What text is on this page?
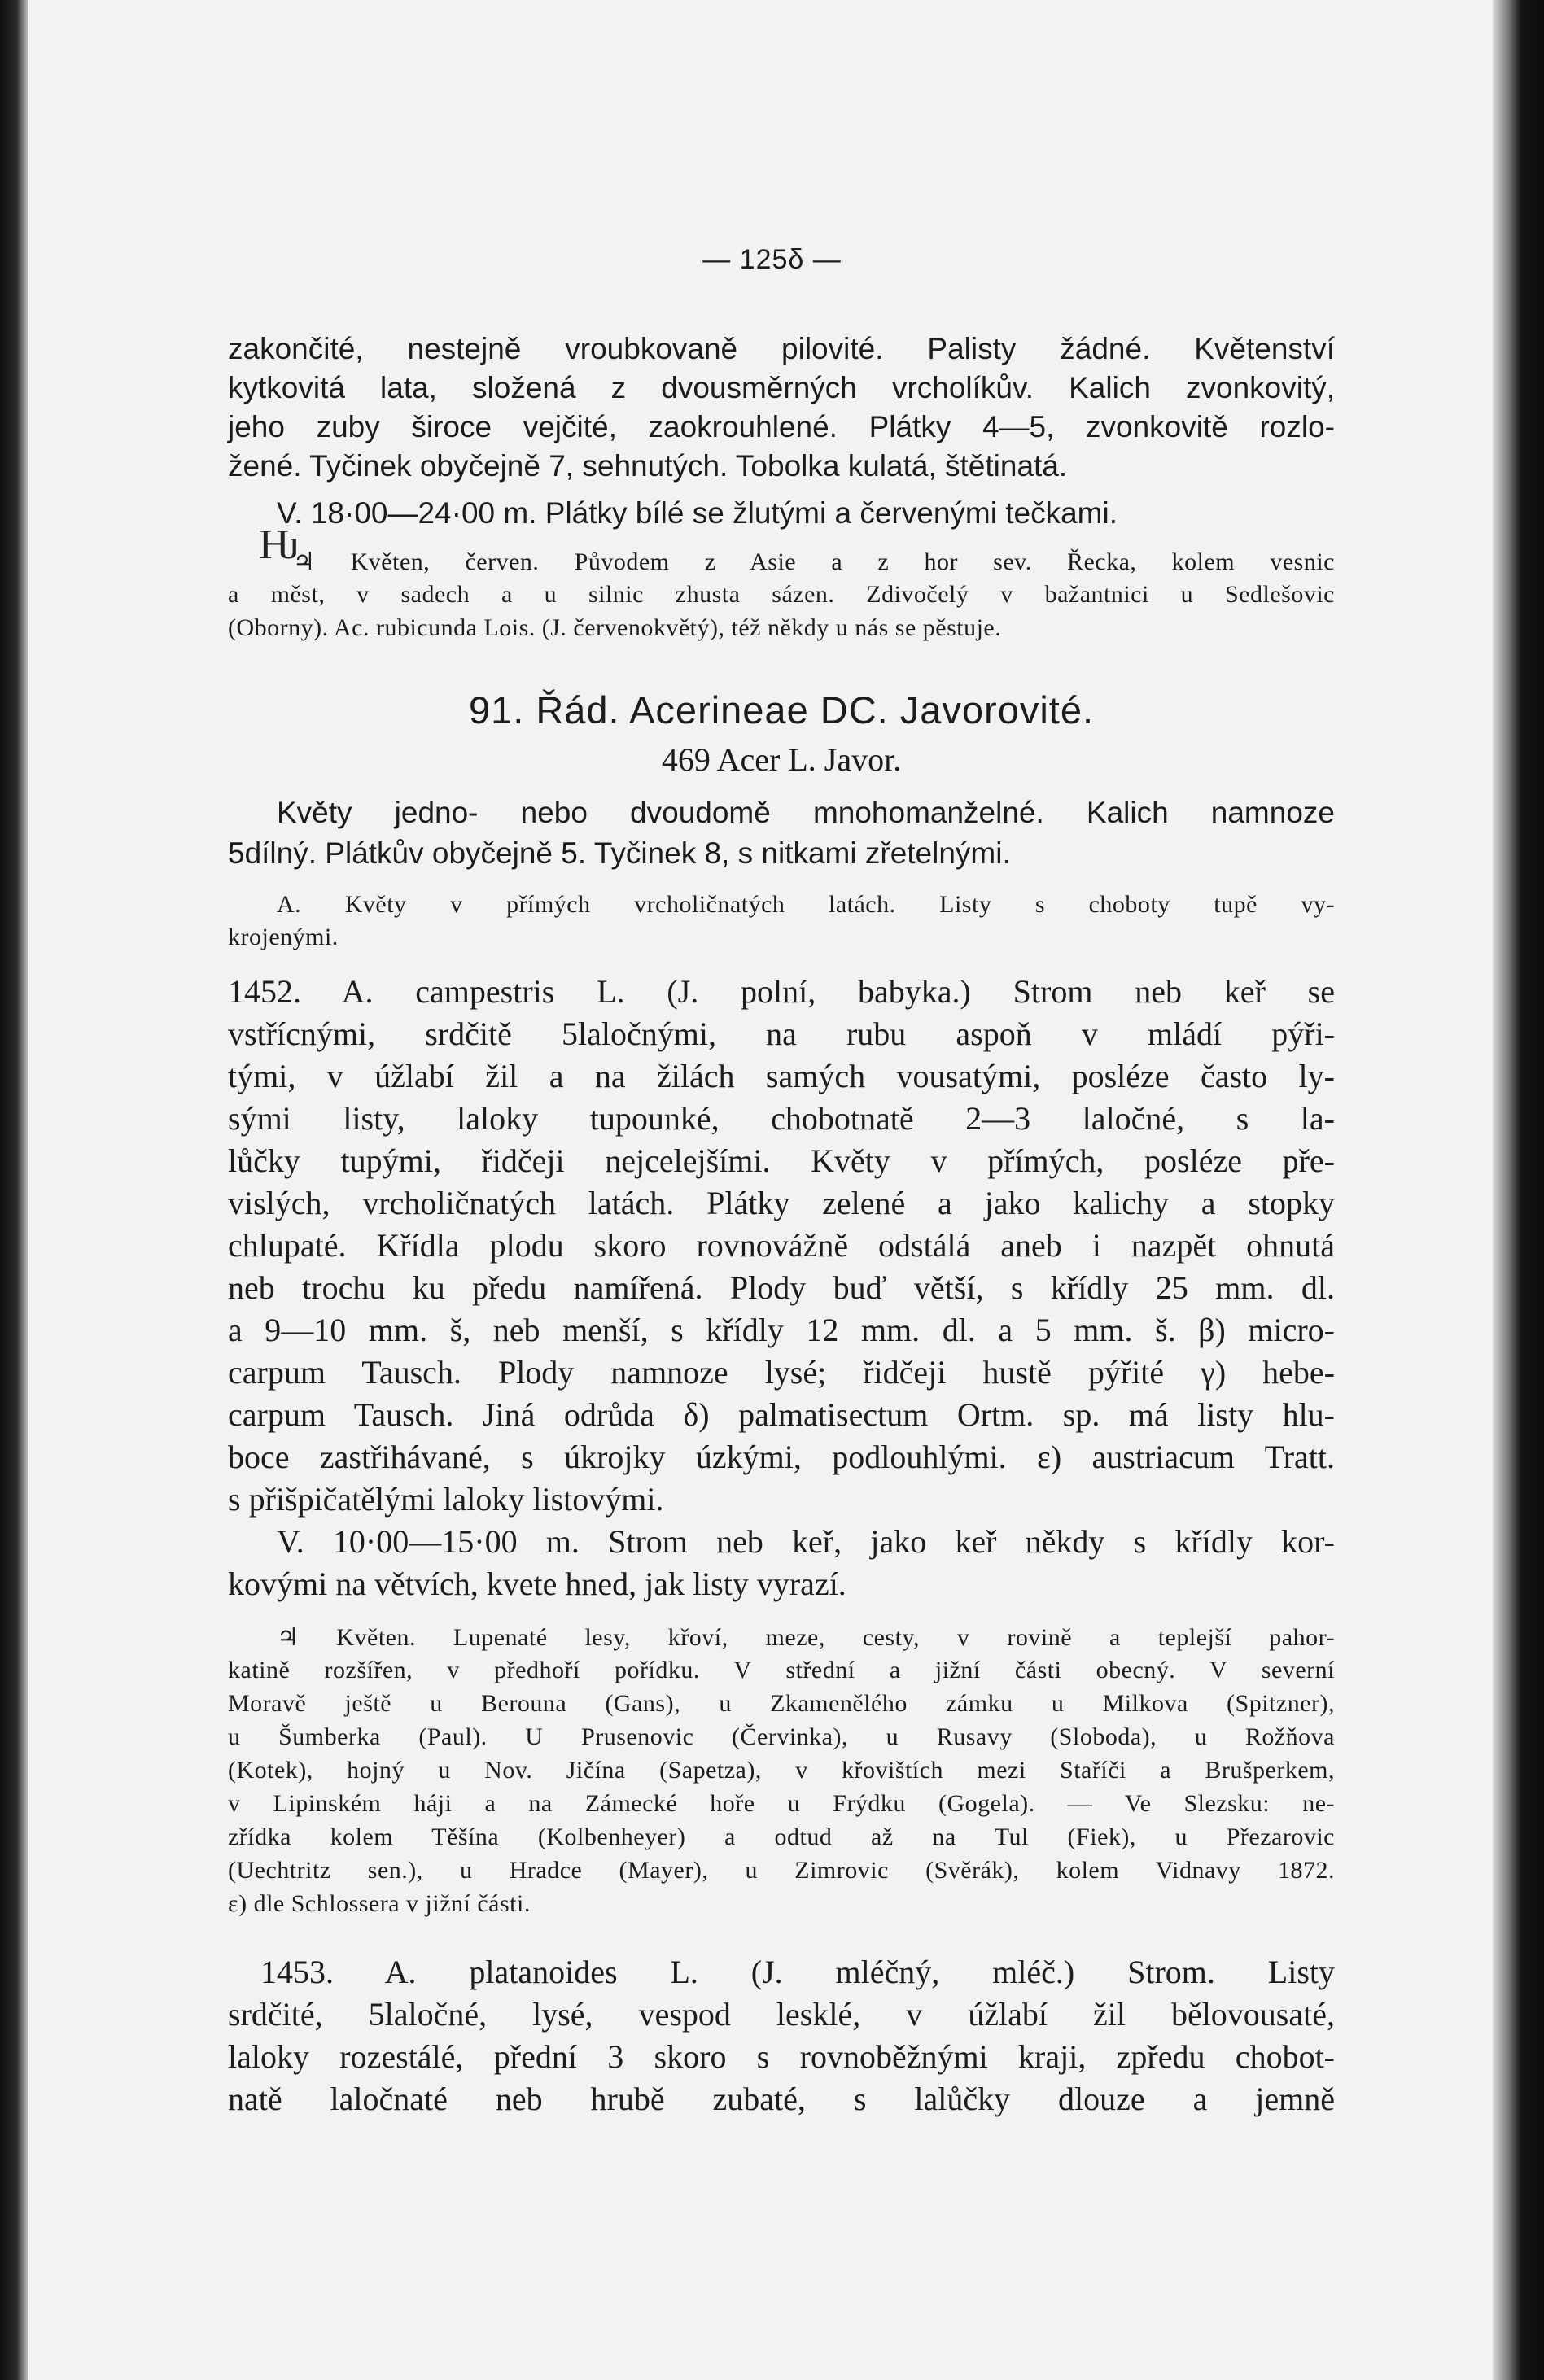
— 125δ —
Ƕ
zakončité, nestejně vroubkovaně pilovité. Palisty žádné. Květenství
kytkovitá lata, složená z dvousměrných vrcholíkův. Kalich zvonkovitý,
jeho zuby široce vejčité, zaokrouhlené. Plátky 4—5, zvonkovitě rozlo-
žené. Tyčinek obyčejně 7, sehnutých. Tobolka kulatá, štětinatá.
V. 18·00—24·00 m. Plátky bílé se žlutými a červenými tečkami.
♃ Květen, červen. Původem z Asie a z hor sev. Řecka, kolem vesnic
a měst, v sadech a u silnic zhusta sázen. Zdivočelý v bažantnici u Sedlešovic
(Oborny). Ac. rubicunda Lois. (J. červenokvětý), též někdy u nás se pěstuje.
91. Řád. Acerineae DC. Javorovité.
469 Acer L. Javor.
Květy jedno- nebo dvoudomě mnohomanželné. Kalich namnoze
5dílný. Plátkův obyčejně 5. Tyčinek 8, s nitkami zřetelnými.
A. Květy v přímých vrcholičnatých latách. Listy s choboty tupě vy-
krojenými.
1452. A. campestris L. (J. polní, babyka.) Strom neb keř se
vstřícnými, srdčitě 5laločnými, na rubu aspoň v mládí pýři-
tými, v úžlabí žil a na žilách samých vousatými, posléze často ly-
sými listy, laloky tupounké, chobotnatě 2—3 laločné, s la-
lůčky tupými, řidčeji nejcelejšími. Květy v přímých, posléze pře-
vislých, vrcholičnatých latách. Plátky zelené a jako kalichy a stopky
chlupaté. Křídla plodu skoro rovnovážně odstálá aneb i nazpět ohnutá
neb trochu ku předu namířená. Plody buď větší, s křídly 25 mm. dl.
a 9—10 mm. š, neb menší, s křídly 12 mm. dl. a 5 mm. š. β) micro-
carpum Tausch. Plody namnoze lysé; řidčeji hustě pýřité γ) hebe-
carpum Tausch. Jiná odrůda δ) palmatisectum Ortm. sp. má listy hlu-
boce zastřihávané, s úkrojky úzkými, podlouhlými. ε) austriacum Tratt.
s přišpičatělými laloky listovými.
V. 10·00—15·00 m. Strom neb keř, jako keř někdy s křídly kor-
kovými na větvích, kvete hned, jak listy vyrazí.
♃ Květen. Lupenaté lesy, křoví, meze, cesty, v rovině a teplejší pahor-
katině rozšířen, v předhoří pořídku. V střední a jižní části obecný. V severní
Moravě ještě u Berouna (Gans), u Zkamenělého zámku u Milkova (Spitzner),
u Šumberka (Paul). U Prusenovic (Červinka), u Rusavy (Sloboda), u Rožňova
(Kotek), hojný u Nov. Jičína (Sapetza), v křovištích mezi Staříči a Brušperkem,
v Lipinském háji a na Zámecké hoře u Frýdku (Gogela). — Ve Slezsku: ne-
zřídka kolem Těšína (Kolbenheyer) a odtud až na Tul (Fiek), u Přezarovic
(Uechtritz sen.), u Hradce (Mayer), u Zimrovic (Svěrák), kolem Vidnavy 1872.
ε) dle Schlossera v jižní části.
1453. A. platanoides L. (J. mléčný, mléč.) Strom. Listy
srdčité, 5laločné, lysé, vespod lesklé, v úžlabí žil bělovousaté,
laloky rozestálé, přední 3 skoro s rovnoběžnými kraji, zpředu chobot-
natě laločnaté neb hrubě zubaté, s lalůčky dlouze a jemně
